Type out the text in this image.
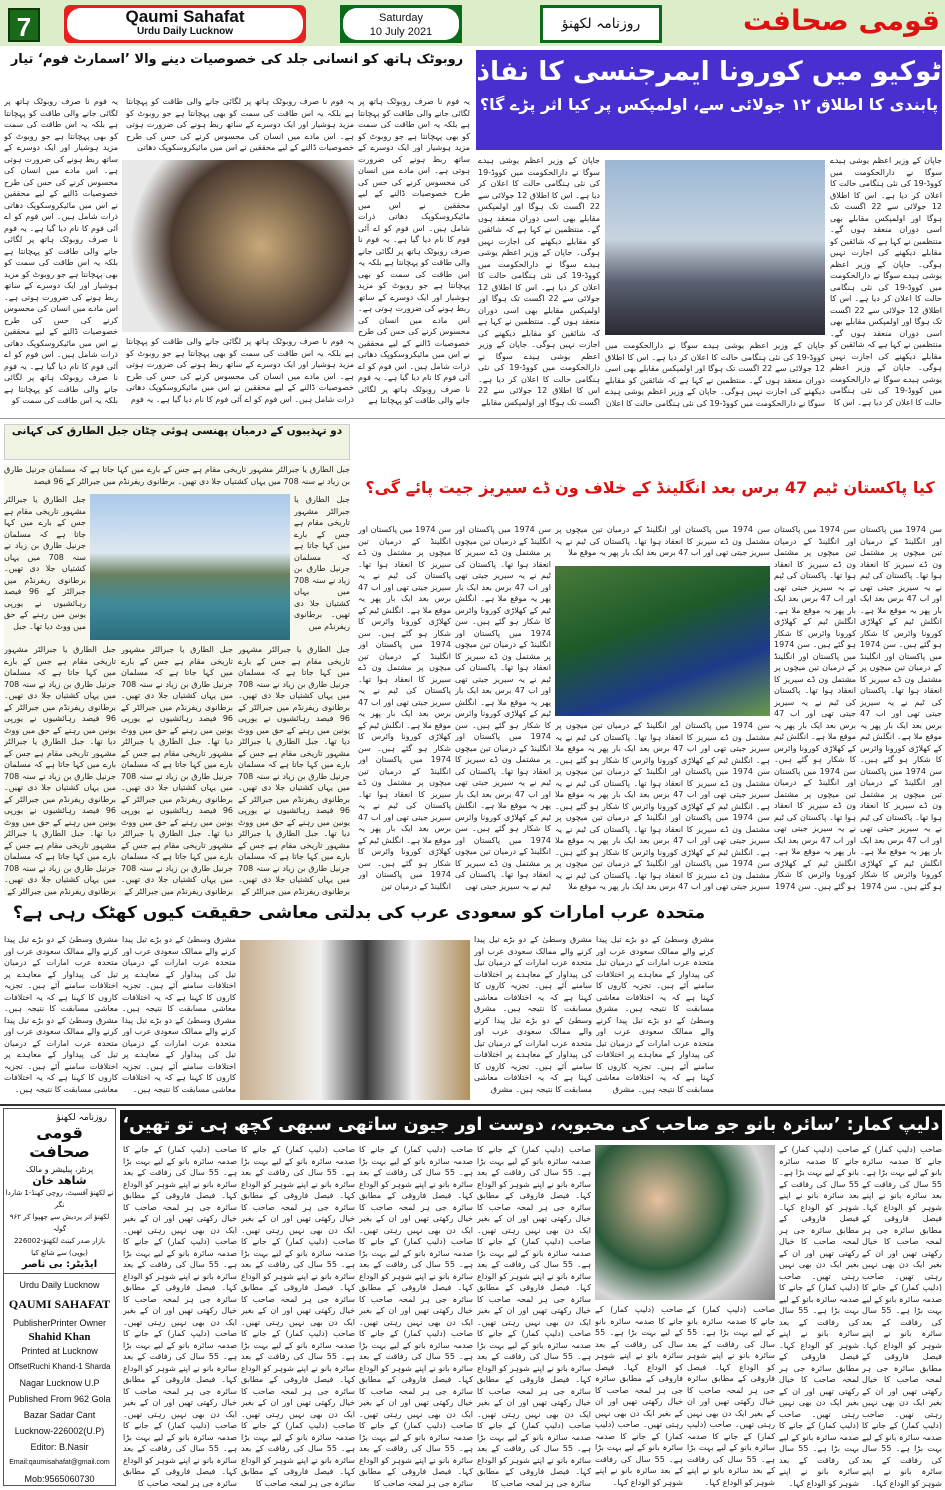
7	Qaumi Sahafat
Urdu Daily Lucknow
Saturday
10 July 2021	روزنامہ لکھنؤ	قومی صحافت
روبوٹک ہاتھ کو انسانی جلد کی خصوصیات دینے والا ’اسمارٹ فوم‘ تیار
یہ فوم نا صرف روبوٹک ہاتھ پر لگائی جانے والی طاقت کو پہچانتا ہے بلکہ یہ اس طاقت کی سمت کو بھی پہچانتا ہے جو روبوٹ کو مزید ہوشیار اور ایک دوسرے کے ساتھ ربط ہونے کی ضرورت ہوتی ہے۔ اس مادے میں انسان کی محسوس کرنے کی حس کی طرح خصوصیات ڈالنے کے لیے محققین نے اس میں مائیکروسکوپک دھاتی ذرات شامل ہیں۔ اس فوم کو اے آئی فوم کا نام دیا گیا ہے۔ یہ فوم نا صرف روبوٹک ہاتھ پر لگائی جانے والی طاقت کو پہچانتا ہے بلکہ یہ اس طاقت کی سمت کو بھی پہچانتا ہے جو روبوٹ کو مزید ہوشیار اور ایک دوسرے کے ساتھ ربط ہونے کی ضرورت ہوتی ہے۔ اس مادے میں انسان کی محسوس کرنے کی حس کی طرح خصوصیات ڈالنے کے لیے محققین نے اس میں مائیکروسکوپک دھاتی ذرات شامل ہیں۔ اس فوم کو اے آئی فوم کا نام دیا گیا ہے۔ یہ فوم نا صرف روبوٹک ہاتھ پر لگائی جانے والی طاقت کو پہچانتا ہے
یہ فوم نا صرف روبوٹک ہاتھ پر لگائی جانے والی طاقت کو پہچانتا ہے بلکہ یہ اس طاقت کی سمت کو بھی پہچانتا ہے جو روبوٹ کو مزید ہوشیار اور ایک دوسرے کے ساتھ ربط ہونے کی ضرورت ہوتی ہے۔ اس مادے میں انسان کی محسوس کرنے کی حس کی طرح خصوصیات ڈالنے کے لیے محققین نے اس میں مائیکروسکوپک دھاتی
یہ فوم نا صرف روبوٹک ہاتھ پر لگائی جانے والی طاقت کو پہچانتا ہے بلکہ یہ اس طاقت کی سمت کو بھی پہچانتا ہے جو روبوٹ کو مزید ہوشیار اور ایک دوسرے کے ساتھ ربط ہونے کی ضرورت ہوتی ہے۔ اس مادے میں انسان کی محسوس کرنے کی حس کی طرح خصوصیات ڈالنے کے لیے محققین نے اس میں مائیکروسکوپک دھاتی ذرات شامل ہیں۔ اس فوم کو اے آئی فوم کا نام دیا گیا ہے۔ یہ فوم
یہ فوم نا صرف روبوٹک ہاتھ پر لگائی جانے والی طاقت کو پہچانتا ہے بلکہ یہ اس طاقت کی سمت کو بھی پہچانتا ہے جو روبوٹ کو مزید ہوشیار اور ایک دوسرے کے ساتھ ربط ہونے کی ضرورت ہوتی ہے۔ اس مادے میں انسان کی محسوس کرنے کی حس کی طرح خصوصیات ڈالنے کے لیے محققین نے اس میں مائیکروسکوپک دھاتی ذرات شامل ہیں۔ اس فوم کو اے آئی فوم کا نام دیا گیا ہے۔ یہ فوم نا صرف روبوٹک ہاتھ پر لگائی جانے والی طاقت کو پہچانتا ہے بلکہ یہ اس طاقت کی سمت کو بھی پہچانتا ہے جو روبوٹ کو مزید ہوشیار اور ایک دوسرے کے ساتھ ربط ہونے کی ضرورت ہوتی ہے۔ اس مادے میں انسان کی محسوس کرنے کی حس کی طرح خصوصیات ڈالنے کے لیے محققین نے اس میں مائیکروسکوپک دھاتی ذرات شامل ہیں۔ اس فوم کو اے آئی فوم کا نام دیا گیا ہے۔ یہ فوم نا صرف روبوٹک ہاتھ پر لگائی جانے والی طاقت کو پہچانتا ہے بلکہ یہ اس طاقت کی سمت کو
ٹوکیو میں کورونا ایمرجنسی کا نفاذ
پابندی کا اطلاق ۱۲ جولائی سے، اولمپکس پر کیا اثر پڑے گا؟
جاپان کے وزیر اعظم یوشی ہیدے سوگا نے دارالحکومت میں کووڈ-19 کی نئی ہنگامی حالت کا اعلان کر دیا ہے۔ اس کا اطلاق 12 جولائی سے 22 اگست تک ہوگا اور اولمپکس مقابلے بھی اسی دوران منعقد ہوں گے۔ منتظمین نے کہا ہے کہ شائقین کو مقابلے دیکھنے کی اجازت نہیں ہوگی۔ جاپان کے وزیر اعظم یوشی ہیدے سوگا نے دارالحکومت میں کووڈ-19 کی نئی ہنگامی حالت کا اعلان کر دیا ہے۔ اس کا اطلاق 12 جولائی سے 22 اگست تک ہوگا اور اولمپکس مقابلے بھی اسی دوران منعقد ہوں گے۔ منتظمین نے کہا ہے کہ شائقین کو مقابلے دیکھنے کی اجازت نہیں ہوگی۔ جاپان کے وزیر اعظم یوشی ہیدے سوگا نے دارالحکومت میں کووڈ-19 کی نئی ہنگامی حالت کا اعلان کر دیا ہے۔ اس کا
جاپان کے وزیر اعظم یوشی ہیدے سوگا نے دارالحکومت میں کووڈ-19 کی نئی ہنگامی حالت کا اعلان کر دیا ہے۔ اس کا اطلاق 12 جولائی سے 22 اگست تک ہوگا اور اولمپکس مقابلے بھی اسی دوران منعقد ہوں گے۔ منتظمین نے کہا ہے کہ شائقین کو مقابلے دیکھنے کی اجازت نہیں ہوگی۔ جاپان کے وزیر اعظم یوشی ہیدے سوگا نے دارالحکومت میں کووڈ-19 کی نئی ہنگامی حالت کا اعلان
جاپان کے وزیر اعظم یوشی ہیدے سوگا نے دارالحکومت میں کووڈ-19 کی نئی ہنگامی حالت کا اعلان کر دیا ہے۔ اس کا اطلاق 12 جولائی سے 22 اگست تک ہوگا اور اولمپکس مقابلے بھی اسی دوران منعقد ہوں گے۔ منتظمین نے کہا ہے کہ شائقین کو مقابلے دیکھنے کی اجازت نہیں ہوگی۔ جاپان کے وزیر اعظم یوشی ہیدے سوگا نے دارالحکومت میں کووڈ-19 کی نئی ہنگامی حالت کا اعلان کر دیا ہے۔ اس کا اطلاق 12 جولائی سے 22 اگست تک ہوگا اور اولمپکس مقابلے بھی اسی دوران منعقد ہوں گے۔ منتظمین نے کہا ہے کہ شائقین کو مقابلے دیکھنے کی اجازت نہیں ہوگی۔ جاپان کے وزیر اعظم یوشی ہیدے سوگا نے دارالحکومت میں کووڈ-19 کی نئی ہنگامی حالت کا اعلان کر دیا ہے۔ اس کا اطلاق 12 جولائی سے 22 اگست تک ہوگا اور اولمپکس مقابلے
دو تہذیبوں کے درمیان پھنسی ہوئی چٹان جبل الطارق کی کہانی
جبل الطارق یا جبرالٹر مشہور تاریخی مقام ہے جس کے بارے میں کہا جاتا ہے کہ مسلمان جرنیل طارق بن زیاد نے سنہ 708 میں یہاں کشتیاں جلا دی تھیں۔ برطانوی ریفرنڈم میں جبرالٹر کے 96 فیصد
جبل الطارق یا جبرالٹر مشہور تاریخی مقام ہے جس کے بارے میں کہا جاتا ہے کہ مسلمان جرنیل طارق بن زیاد نے سنہ 708 میں یہاں کشتیاں جلا دی تھیں۔ برطانوی ریفرنڈم میں
جبل الطارق یا جبرالٹر مشہور تاریخی مقام ہے جس کے بارے میں کہا جاتا ہے کہ مسلمان جرنیل طارق بن زیاد نے سنہ 708 میں یہاں کشتیاں جلا دی تھیں۔ برطانوی ریفرنڈم میں جبرالٹر کے 96 فیصد رہائشیوں نے یورپی یونین میں رہنے کے حق میں ووٹ دیا تھا۔ جبل
جبل الطارق یا جبرالٹر مشہور تاریخی مقام ہے جس کے بارے میں کہا جاتا ہے کہ مسلمان جرنیل طارق بن زیاد نے سنہ 708 میں یہاں کشتیاں جلا دی تھیں۔ برطانوی ریفرنڈم میں جبرالٹر کے 96 فیصد رہائشیوں نے یورپی یونین میں رہنے کے حق میں ووٹ دیا تھا۔ جبل الطارق یا جبرالٹر مشہور تاریخی مقام ہے جس کے بارے میں کہا جاتا ہے کہ مسلمان جرنیل طارق بن زیاد نے سنہ 708 میں یہاں کشتیاں جلا دی تھیں۔ برطانوی ریفرنڈم میں جبرالٹر کے 96 فیصد رہائشیوں نے یورپی یونین میں رہنے کے حق میں ووٹ دیا تھا۔ جبل الطارق یا جبرالٹر مشہور تاریخی مقام ہے جس کے بارے میں کہا جاتا ہے کہ مسلمان جرنیل طارق بن زیاد نے سنہ 708 میں یہاں کشتیاں جلا دی تھیں۔ برطانوی ریفرنڈم میں جبرالٹر کے
جبل الطارق یا جبرالٹر مشہور تاریخی مقام ہے جس کے بارے میں کہا جاتا ہے کہ مسلمان جرنیل طارق بن زیاد نے سنہ 708 میں یہاں کشتیاں جلا دی تھیں۔ برطانوی ریفرنڈم میں جبرالٹر کے 96 فیصد رہائشیوں نے یورپی یونین میں رہنے کے حق میں ووٹ دیا تھا۔ جبل الطارق یا جبرالٹر مشہور تاریخی مقام ہے جس کے بارے میں کہا جاتا ہے کہ مسلمان جرنیل طارق بن زیاد نے سنہ 708 میں یہاں کشتیاں جلا دی تھیں۔ برطانوی ریفرنڈم میں جبرالٹر کے 96 فیصد رہائشیوں نے یورپی یونین میں رہنے کے حق میں ووٹ دیا تھا۔ جبل الطارق یا جبرالٹر مشہور تاریخی مقام ہے جس کے بارے میں کہا جاتا ہے کہ مسلمان جرنیل طارق بن زیاد نے سنہ 708 میں یہاں کشتیاں جلا دی تھیں۔ برطانوی ریفرنڈم میں جبرالٹر کے
جبل الطارق یا جبرالٹر مشہور تاریخی مقام ہے جس کے بارے میں کہا جاتا ہے کہ مسلمان جرنیل طارق بن زیاد نے سنہ 708 میں یہاں کشتیاں جلا دی تھیں۔ برطانوی ریفرنڈم میں جبرالٹر کے 96 فیصد رہائشیوں نے یورپی یونین میں رہنے کے حق میں ووٹ دیا تھا۔ جبل الطارق یا جبرالٹر مشہور تاریخی مقام ہے جس کے بارے میں کہا جاتا ہے کہ مسلمان جرنیل طارق بن زیاد نے سنہ 708 میں یہاں کشتیاں جلا دی تھیں۔ برطانوی ریفرنڈم میں جبرالٹر کے 96 فیصد رہائشیوں نے یورپی یونین میں رہنے کے حق میں ووٹ دیا تھا۔ جبل الطارق یا جبرالٹر مشہور تاریخی مقام ہے جس کے بارے میں کہا جاتا ہے کہ مسلمان جرنیل طارق بن زیاد نے سنہ 708 میں یہاں کشتیاں جلا دی تھیں۔ برطانوی ریفرنڈم میں جبرالٹر کے
کیا پاکستان ٹیم 47 برس بعد انگلینڈ کے خلاف ون ڈے سیریز جیت پائے گی؟
سن 1974 میں پاکستان اور انگلینڈ کے درمیان تین میچوں پر مشتمل ون ڈے سیریز کا انعقاد ہوا تھا۔ پاکستان کی ٹیم نے یہ سیریز جیتی تھی اور اب 47 برس بعد ایک بار پھر یہ موقع ملا ہے۔ انگلش ٹیم کے کھلاڑی کورونا وائرس کا شکار ہو گئے ہیں۔ سن 1974 میں پاکستان اور انگلینڈ کے درمیان تین میچوں پر مشتمل ون ڈے سیریز کا انعقاد ہوا تھا۔ پاکستان کی ٹیم نے یہ سیریز جیتی تھی اور اب 47 برس بعد ایک بار پھر یہ موقع ملا ہے۔ انگلش ٹیم کے کھلاڑی کورونا وائرس کا شکار ہو گئے ہیں۔ سن 1974 میں پاکستان اور انگلینڈ کے درمیان تین میچوں پر مشتمل ون ڈے سیریز کا انعقاد ہوا تھا۔ پاکستان کی ٹیم نے یہ سیریز جیتی تھی اور اب 47 برس بعد ایک بار پھر یہ موقع ملا ہے۔ انگلش ٹیم کے کھلاڑی کورونا وائرس کا شکار ہو گئے ہیں۔ سن 1974
سن 1974 میں پاکستان اور انگلینڈ کے درمیان تین میچوں پر مشتمل ون ڈے سیریز کا انعقاد ہوا تھا۔ پاکستان کی ٹیم نے یہ سیریز جیتی تھی اور اب 47 برس بعد ایک بار پھر یہ موقع ملا ہے۔ انگلش ٹیم کے کھلاڑی کورونا وائرس کا شکار ہو گئے ہیں۔ سن 1974 میں پاکستان اور انگلینڈ کے درمیان تین میچوں پر مشتمل ون ڈے سیریز کا انعقاد ہوا تھا۔ پاکستان کی ٹیم نے یہ سیریز جیتی تھی اور اب 47 برس بعد ایک بار پھر یہ موقع ملا ہے۔ انگلش ٹیم کے کھلاڑی کورونا وائرس کا شکار ہو گئے ہیں۔ سن 1974 میں پاکستان اور انگلینڈ کے درمیان تین میچوں پر مشتمل ون ڈے سیریز کا انعقاد ہوا تھا۔ پاکستان کی ٹیم نے یہ سیریز جیتی تھی اور اب 47 برس بعد ایک بار پھر یہ موقع ملا ہے۔ انگلش ٹیم کے کھلاڑی کورونا وائرس کا شکار ہو گئے ہیں۔ سن 1974
سن 1974 میں پاکستان اور انگلینڈ کے درمیان تین میچوں پر مشتمل ون ڈے سیریز کا انعقاد ہوا تھا۔ پاکستان کی ٹیم نے یہ سیریز جیتی تھی اور اب 47 برس بعد ایک بار پھر یہ موقع ملا
سن 1974 میں پاکستان اور انگلینڈ کے درمیان تین میچوں پر مشتمل ون ڈے سیریز کا انعقاد ہوا تھا۔ پاکستان کی ٹیم نے یہ سیریز جیتی تھی اور اب 47 برس بعد ایک بار پھر یہ موقع ملا ہے۔ انگلش ٹیم کے کھلاڑی کورونا وائرس کا شکار ہو گئے ہیں۔ سن 1974 میں پاکستان اور انگلینڈ کے درمیان تین میچوں پر مشتمل ون ڈے سیریز کا انعقاد ہوا تھا۔ پاکستان کی ٹیم نے یہ سیریز جیتی تھی اور اب 47 برس بعد ایک بار پھر یہ موقع ملا ہے۔ انگلش ٹیم کے کھلاڑی کورونا وائرس کا شکار ہو گئے ہیں۔ سن 1974 میں پاکستان اور انگلینڈ کے درمیان تین میچوں پر مشتمل ون ڈے سیریز کا انعقاد ہوا تھا۔ پاکستان کی ٹیم نے یہ سیریز جیتی تھی اور اب 47 برس بعد ایک بار پھر یہ موقع ملا ہے۔ انگلش ٹیم کے کھلاڑی کورونا وائرس کا شکار ہو گئے ہیں۔ سن 1974 میں پاکستان اور انگلینڈ کے درمیان تین میچوں پر مشتمل ون ڈے سیریز کا انعقاد ہوا تھا۔ پاکستان کی ٹیم نے یہ سیریز جیتی تھی اور اب 47 برس بعد ایک بار پھر یہ موقع ملا
سن 1974 میں پاکستان اور انگلینڈ کے درمیان تین میچوں پر مشتمل ون ڈے سیریز کا انعقاد ہوا تھا۔ پاکستان کی ٹیم نے یہ سیریز جیتی تھی اور اب 47 برس بعد ایک بار پھر یہ موقع ملا ہے۔ انگلش ٹیم کے کھلاڑی کورونا وائرس کا شکار ہو گئے ہیں۔ سن 1974 میں پاکستان اور انگلینڈ کے درمیان تین میچوں پر مشتمل ون ڈے سیریز کا انعقاد ہوا تھا۔ پاکستان کی ٹیم نے یہ سیریز جیتی تھی اور اب 47 برس بعد ایک بار پھر یہ موقع ملا ہے۔ انگلش ٹیم کے کھلاڑی کورونا وائرس کا شکار ہو گئے ہیں۔ سن 1974 میں پاکستان اور انگلینڈ کے درمیان تین میچوں پر مشتمل ون ڈے سیریز کا انعقاد ہوا تھا۔ پاکستان کی ٹیم نے یہ سیریز جیتی تھی اور اب 47 برس بعد ایک بار پھر یہ موقع ملا ہے۔ انگلش ٹیم کے کھلاڑی کورونا وائرس کا شکار ہو گئے ہیں۔ سن 1974 میں پاکستان اور انگلینڈ کے درمیان تین میچوں پر مشتمل ون ڈے سیریز کا انعقاد ہوا تھا۔ پاکستان کی ٹیم نے یہ سیریز جیتی تھی
سن 1974 میں پاکستان اور انگلینڈ کے درمیان تین میچوں پر مشتمل ون ڈے سیریز کا انعقاد ہوا تھا۔ پاکستان کی ٹیم نے یہ سیریز جیتی تھی اور اب 47 برس بعد ایک بار پھر یہ موقع ملا ہے۔ انگلش ٹیم کے کھلاڑی کورونا وائرس کا شکار ہو گئے ہیں۔ سن 1974 میں پاکستان اور انگلینڈ کے درمیان تین میچوں پر مشتمل ون ڈے سیریز کا انعقاد ہوا تھا۔ پاکستان کی ٹیم نے یہ سیریز جیتی تھی اور اب 47 برس بعد ایک بار پھر یہ موقع ملا ہے۔ انگلش ٹیم کے کھلاڑی کورونا وائرس کا شکار ہو گئے ہیں۔ سن 1974 میں پاکستان اور انگلینڈ کے درمیان تین میچوں پر مشتمل ون ڈے سیریز کا انعقاد ہوا تھا۔ پاکستان کی ٹیم نے یہ سیریز جیتی تھی اور اب 47 برس بعد ایک بار پھر یہ موقع ملا ہے۔ انگلش ٹیم کے کھلاڑی کورونا وائرس کا شکار ہو گئے ہیں۔ سن 1974 میں پاکستان اور انگلینڈ کے درمیان تین
متحدہ عرب امارات کو سعودی عرب کی بدلتی معاشی حقیقت کیوں کھٹک رہی ہے؟
مشرق وسطیٰ کے دو بڑے تیل پیدا کرنے والے ممالک سعودی عرب اور متحدہ عرب امارات کے درمیان تیل کی پیداوار کے معاہدے پر اختلافات سامنے آئے ہیں۔ تجزیہ کاروں کا کہنا ہے کہ یہ اختلافات معاشی مسابقت کا نتیجہ ہیں۔ مشرق وسطیٰ کے دو بڑے تیل پیدا کرنے والے ممالک سعودی عرب اور متحدہ عرب امارات کے درمیان تیل کی پیداوار کے معاہدے پر اختلافات سامنے آئے ہیں۔ تجزیہ کاروں کا کہنا ہے کہ یہ اختلافات معاشی مسابقت کا نتیجہ ہیں۔ مشرق
مشرق وسطیٰ کے دو بڑے تیل پیدا کرنے والے ممالک سعودی عرب اور متحدہ عرب امارات کے درمیان تیل کی پیداوار کے معاہدے پر اختلافات سامنے آئے ہیں۔ تجزیہ کاروں کا کہنا ہے کہ یہ اختلافات معاشی مسابقت کا نتیجہ ہیں۔ مشرق وسطیٰ کے دو بڑے تیل پیدا کرنے والے ممالک سعودی عرب اور متحدہ عرب امارات کے درمیان تیل کی پیداوار کے معاہدے پر اختلافات سامنے آئے ہیں۔ تجزیہ کاروں کا کہنا ہے کہ یہ اختلافات معاشی مسابقت کا نتیجہ ہیں۔ مشرق
مشرق وسطیٰ کے دو بڑے تیل پیدا کرنے والے ممالک سعودی عرب اور متحدہ عرب امارات کے درمیان تیل کی پیداوار کے معاہدے پر اختلافات سامنے آئے ہیں۔ تجزیہ کاروں کا کہنا ہے کہ یہ اختلافات معاشی مسابقت کا نتیجہ ہیں۔ مشرق وسطیٰ کے دو بڑے تیل پیدا کرنے والے ممالک سعودی عرب اور متحدہ عرب امارات کے درمیان تیل کی پیداوار کے معاہدے پر اختلافات سامنے آئے ہیں۔ تجزیہ کاروں کا کہنا ہے کہ یہ اختلافات معاشی مسابقت کا نتیجہ ہیں۔
مشرق وسطیٰ کے دو بڑے تیل پیدا کرنے والے ممالک سعودی عرب اور متحدہ عرب امارات کے درمیان تیل کی پیداوار کے معاہدے پر اختلافات سامنے آئے ہیں۔ تجزیہ کاروں کا کہنا ہے کہ یہ اختلافات معاشی مسابقت کا نتیجہ ہیں۔ مشرق وسطیٰ کے دو بڑے تیل پیدا کرنے والے ممالک سعودی عرب اور متحدہ عرب امارات کے درمیان تیل کی پیداوار کے معاہدے پر اختلافات سامنے آئے ہیں۔ تجزیہ کاروں کا کہنا ہے کہ یہ اختلافات معاشی مسابقت کا نتیجہ ہیں۔
دلیپ کمار: ’سائرہ بانو جو صاحب کی محبوبہ، دوست اور جیون ساتھی سبھی کچھ ہی تو تھیں‘
صاحب (دلیپ کمار) کے جانے کا صدمہ سائرہ بانو کے لیے بہت بڑا ہے۔ 55 سال کی رفاقت کے بعد سائرہ بانو نے اپنے شوہر کو الوداع کہا۔ فیصل فاروقی کے مطابق سائرہ جی ہر لمحہ صاحب کا خیال رکھتی تھیں اور ان کے بغیر ایک دن بھی نہیں رہتی تھیں۔ صاحب (دلیپ کمار) کے جانے کا صدمہ سائرہ بانو کے لیے بہت بڑا ہے۔ 55 سال کی رفاقت کے بعد سائرہ بانو نے اپنے شوہر کو الوداع کہا۔ فیصل فاروقی کے مطابق سائرہ جی ہر لمحہ صاحب کا خیال رکھتی تھیں اور ان کے بغیر ایک دن بھی نہیں رہتی تھیں۔ صاحب (دلیپ کمار) کے جانے کا صدمہ سائرہ بانو کے لیے بہت بڑا ہے۔ 55 سال کی رفاقت کے بعد سائرہ بانو نے اپنے شوہر کو الوداع کہا۔
صاحب (دلیپ کمار) کے جانے کا صدمہ سائرہ بانو کے لیے بہت بڑا ہے۔ 55 سال کی رفاقت کے بعد سائرہ بانو نے اپنے شوہر کو الوداع کہا۔ فیصل فاروقی کے مطابق سائرہ جی ہر لمحہ صاحب کا خیال رکھتی تھیں اور ان کے بغیر ایک دن بھی نہیں رہتی تھیں۔ صاحب (دلیپ کمار) کے جانے کا صدمہ سائرہ بانو کے لیے بہت بڑا ہے۔ 55 سال کی رفاقت کے بعد سائرہ بانو نے اپنے شوہر کو الوداع کہا۔ فیصل فاروقی کے مطابق سائرہ جی ہر لمحہ صاحب کا خیال رکھتی تھیں اور ان کے بغیر ایک دن بھی نہیں رہتی تھیں۔ صاحب (دلیپ کمار) کے جانے کا صدمہ سائرہ بانو کے لیے بہت بڑا ہے۔ 55 سال کی رفاقت کے بعد سائرہ بانو نے اپنے شوہر کو الوداع کہا۔
صاحب (دلیپ کمار) کے جانے کا صدمہ سائرہ بانو کے لیے بہت بڑا ہے۔ 55 سال کی رفاقت کے بعد سائرہ بانو نے اپنے شوہر کو الوداع کہا۔ فیصل فاروقی کے مطابق سائرہ جی ہر لمحہ صاحب کا خیال رکھتی تھیں اور ان کے بغیر ایک دن بھی نہیں رہتی تھیں۔ صاحب (دلیپ کمار) کے جانے کا صدمہ سائرہ بانو کے لیے بہت بڑا ہے۔ 55 سال کی رفاقت کے بعد سائرہ بانو نے اپنے شوہر کو الوداع کہا۔
صاحب (دلیپ کمار) کے جانے کا صدمہ سائرہ بانو کے لیے بہت بڑا ہے۔ 55 سال کی رفاقت کے بعد سائرہ بانو نے اپنے شوہر کو الوداع کہا۔ فیصل فاروقی کے مطابق سائرہ جی ہر لمحہ صاحب کا خیال رکھتی تھیں اور ان کے بغیر ایک دن بھی نہیں رہتی تھیں۔ صاحب (دلیپ کمار) کے جانے کا صدمہ سائرہ بانو کے لیے بہت بڑا ہے۔ 55 سال کی رفاقت کے بعد سائرہ بانو نے اپنے شوہر کو الوداع کہا۔
صاحب (دلیپ کمار) کے جانے کا صدمہ سائرہ بانو کے لیے بہت بڑا ہے۔ 55 سال کی رفاقت کے بعد سائرہ بانو نے اپنے شوہر کو الوداع کہا۔ فیصل فاروقی کے مطابق سائرہ جی ہر لمحہ صاحب کا خیال رکھتی تھیں اور ان کے بغیر ایک دن بھی نہیں رہتی تھیں۔ صاحب (دلیپ کمار) کے جانے کا صدمہ سائرہ بانو کے لیے بہت بڑا ہے۔ 55 سال کی رفاقت کے بعد سائرہ بانو نے اپنے شوہر کو الوداع کہا۔ فیصل فاروقی کے مطابق سائرہ جی ہر لمحہ صاحب کا خیال رکھتی تھیں اور ان کے بغیر ایک دن بھی نہیں رہتی تھیں۔ صاحب (دلیپ کمار) کے جانے کا صدمہ سائرہ بانو کے لیے بہت بڑا ہے۔ 55 سال کی رفاقت کے بعد سائرہ بانو نے اپنے شوہر کو الوداع کہا۔ فیصل فاروقی کے مطابق سائرہ جی ہر لمحہ صاحب کا خیال رکھتی تھیں اور ان کے بغیر ایک دن بھی نہیں رہتی تھیں۔ صاحب (دلیپ کمار) کے جانے کا صدمہ سائرہ بانو کے لیے بہت بڑا ہے۔ 55 سال کی رفاقت کے بعد سائرہ بانو نے اپنے شوہر کو الوداع کہا۔ فیصل فاروقی کے مطابق سائرہ جی ہر لمحہ صاحب کا
صاحب (دلیپ کمار) کے جانے کا صدمہ سائرہ بانو کے لیے بہت بڑا ہے۔ 55 سال کی رفاقت کے بعد سائرہ بانو نے اپنے شوہر کو الوداع کہا۔ فیصل فاروقی کے مطابق سائرہ جی ہر لمحہ صاحب کا خیال رکھتی تھیں اور ان کے بغیر ایک دن بھی نہیں رہتی تھیں۔ صاحب (دلیپ کمار) کے جانے کا صدمہ سائرہ بانو کے لیے بہت بڑا ہے۔ 55 سال کی رفاقت کے بعد سائرہ بانو نے اپنے شوہر کو الوداع کہا۔ فیصل فاروقی کے مطابق سائرہ جی ہر لمحہ صاحب کا خیال رکھتی تھیں اور ان کے بغیر ایک دن بھی نہیں رہتی تھیں۔ صاحب (دلیپ کمار) کے جانے کا صدمہ سائرہ بانو کے لیے بہت بڑا ہے۔ 55 سال کی رفاقت کے بعد سائرہ بانو نے اپنے شوہر کو الوداع کہا۔ فیصل فاروقی کے مطابق سائرہ جی ہر لمحہ صاحب کا خیال رکھتی تھیں اور ان کے بغیر ایک دن بھی نہیں رہتی تھیں۔ صاحب (دلیپ کمار) کے جانے کا صدمہ سائرہ بانو کے لیے بہت بڑا ہے۔ 55 سال کی رفاقت کے بعد سائرہ بانو نے اپنے شوہر کو الوداع کہا۔ فیصل فاروقی کے مطابق سائرہ جی ہر لمحہ صاحب کا
صاحب (دلیپ کمار) کے جانے کا صدمہ سائرہ بانو کے لیے بہت بڑا ہے۔ 55 سال کی رفاقت کے بعد سائرہ بانو نے اپنے شوہر کو الوداع کہا۔ فیصل فاروقی کے مطابق سائرہ جی ہر لمحہ صاحب کا خیال رکھتی تھیں اور ان کے بغیر ایک دن بھی نہیں رہتی تھیں۔ صاحب (دلیپ کمار) کے جانے کا صدمہ سائرہ بانو کے لیے بہت بڑا ہے۔ 55 سال کی رفاقت کے بعد سائرہ بانو نے اپنے شوہر کو الوداع کہا۔ فیصل فاروقی کے مطابق سائرہ جی ہر لمحہ صاحب کا خیال رکھتی تھیں اور ان کے بغیر ایک دن بھی نہیں رہتی تھیں۔ صاحب (دلیپ کمار) کے جانے کا صدمہ سائرہ بانو کے لیے بہت بڑا ہے۔ 55 سال کی رفاقت کے بعد سائرہ بانو نے اپنے شوہر کو الوداع کہا۔ فیصل فاروقی کے مطابق سائرہ جی ہر لمحہ صاحب کا خیال رکھتی تھیں اور ان کے بغیر ایک دن بھی نہیں رہتی تھیں۔ صاحب (دلیپ کمار) کے جانے کا صدمہ سائرہ بانو کے لیے بہت بڑا ہے۔ 55 سال کی رفاقت کے بعد سائرہ بانو نے اپنے شوہر کو الوداع کہا۔ فیصل فاروقی کے مطابق سائرہ جی ہر لمحہ صاحب کا
صاحب (دلیپ کمار) کے جانے کا صدمہ سائرہ بانو کے لیے بہت بڑا ہے۔ 55 سال کی رفاقت کے بعد سائرہ بانو نے اپنے شوہر کو الوداع کہا۔ فیصل فاروقی کے مطابق سائرہ جی ہر لمحہ صاحب کا خیال رکھتی تھیں اور ان کے بغیر ایک دن بھی نہیں رہتی تھیں۔ صاحب (دلیپ کمار) کے جانے کا صدمہ سائرہ بانو کے لیے بہت بڑا ہے۔ 55 سال کی رفاقت کے بعد سائرہ بانو نے اپنے شوہر کو الوداع کہا۔ فیصل فاروقی کے مطابق سائرہ جی ہر لمحہ صاحب کا خیال رکھتی تھیں اور ان کے بغیر ایک دن بھی نہیں رہتی تھیں۔ صاحب (دلیپ کمار) کے جانے کا صدمہ سائرہ بانو کے لیے بہت بڑا ہے۔ 55 سال کی رفاقت کے بعد سائرہ بانو نے اپنے شوہر کو الوداع کہا۔ فیصل فاروقی کے مطابق سائرہ جی ہر لمحہ صاحب کا خیال رکھتی تھیں اور ان کے بغیر ایک دن بھی نہیں رہتی تھیں۔ صاحب (دلیپ کمار) کے جانے کا صدمہ سائرہ بانو کے لیے بہت بڑا ہے۔ 55 سال کی رفاقت کے بعد سائرہ بانو نے اپنے شوہر کو الوداع کہا۔ فیصل فاروقی کے مطابق سائرہ جی ہر لمحہ صاحب کا
روزنامہ لکھنؤ
قومی صحافت
پرنٹر، پبلیشر و مالک
شاهد خان
نے لکھنؤ آفسیٹ، روچی کھنڈ-1 شاردا نگر
لکھنؤ اتر پردیش سے چھپوا کر ۹۶۲ گولہ
بازار صدر کینٹ لکھنؤ-226002
(یوپی) سے شائع کیا
ایڈیٹر: بی ناصر

Urdu Daily Lucknow

QAUMI SAHAFAT

PublisherPrinter Owner

Shahid Khan

Printed at Lucknow

OffsetRuchi Khand-1 Sharda

Nagar Lucknow U.P

Published From 962 Gola

Bazar Sadar Cant

Lucknow-226002(U.P)

Editor: B.Nasir

Email:qaumisahafat@gmail.com

Mob:9565060730
